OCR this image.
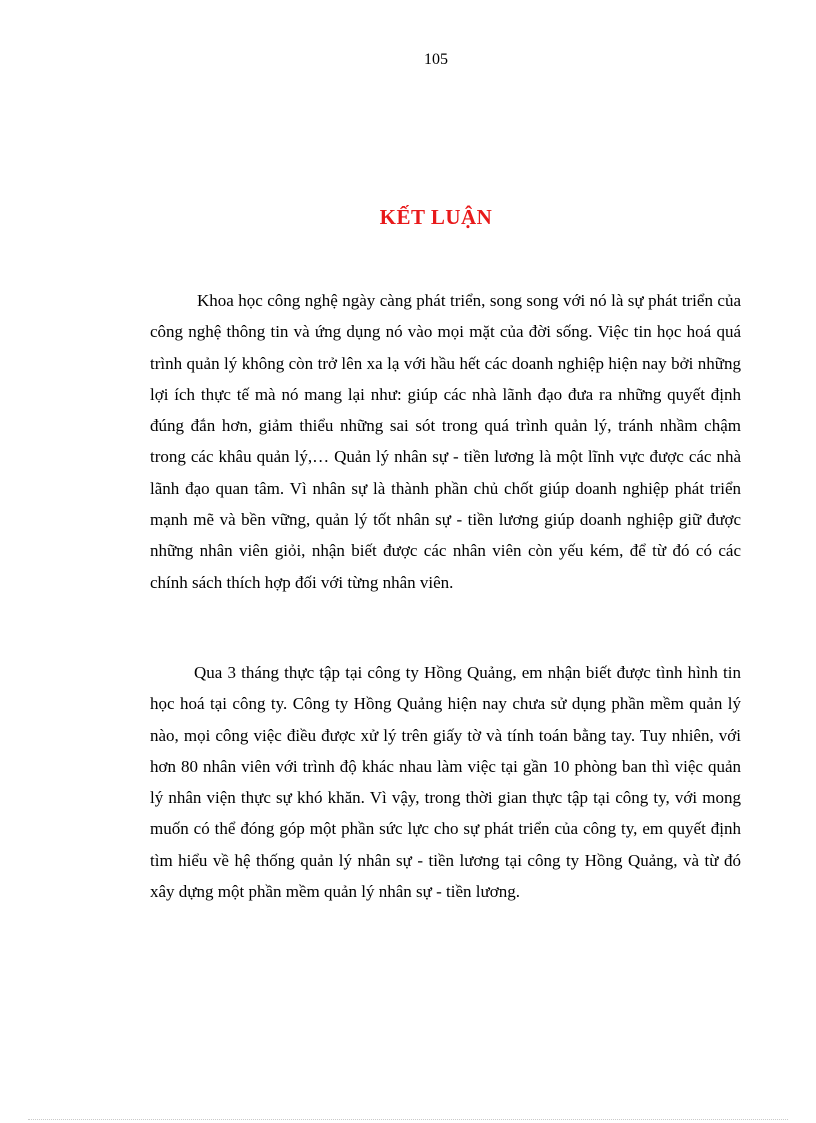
105
KẾT LUẬN

Khoa học công nghệ ngày càng phát triển, song song với nó là sự phát triển của công nghệ thông tin và ứng dụng nó vào mọi mặt của đời sống. Việc tin học hoá quá trình quản lý không còn trở lên xa lạ với hầu hết các doanh nghiệp hiện nay bởi những lợi ích thực tế mà nó mang lại như: giúp các nhà lãnh đạo đưa ra những quyết định đúng đắn hơn, giảm thiểu những sai sót trong quá trình quản lý, tránh nhầm chậm trong các khâu quản lý,… Quản lý nhân sự - tiền lương là một lĩnh vực được các nhà lãnh đạo quan tâm. Vì nhân sự là thành phần chủ chốt giúp doanh nghiệp phát triển mạnh mẽ và bền vững, quản lý tốt nhân sự - tiền lương giúp doanh nghiệp giữ được những nhân viên giỏi, nhận biết được các nhân viên còn yếu kém, để từ đó có các chính sách thích hợp đối với từng nhân viên.

Qua 3 tháng thực tập tại công ty Hồng Quảng, em nhận biết được tình hình tin học hoá tại công ty. Công ty Hồng Quảng hiện nay chưa sử dụng phần mềm quản lý nào, mọi công việc điều được xử lý trên giấy tờ và tính toán bằng tay. Tuy nhiên, với hơn 80 nhân viên với trình độ khác nhau làm việc tại gần 10 phòng ban thì việc quản lý nhân viện thực sự khó khăn. Vì vậy, trong thời gian thực tập tại công ty, với mong muốn có thể đóng góp một phần sức lực cho sự phát triển của công ty, em quyết định tìm hiểu về hệ thống quản lý nhân sự - tiền lương tại công ty Hồng Quảng, và từ đó xây dựng một phần mềm quản lý nhân sự - tiền lương.
